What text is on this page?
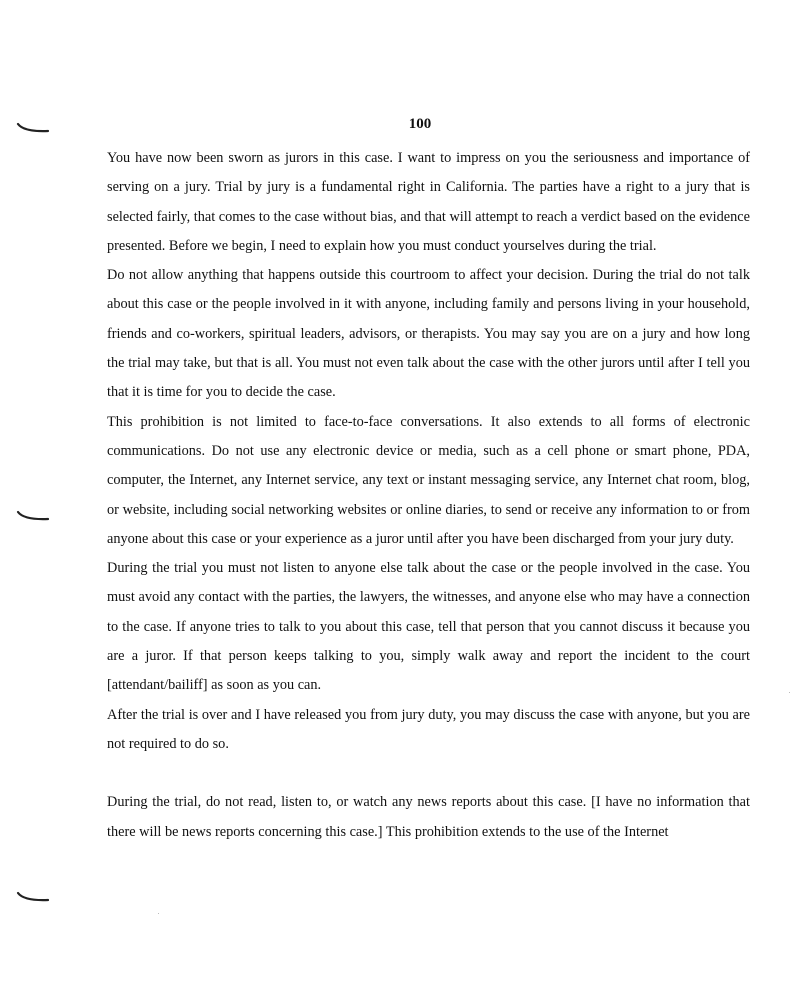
100

You have now been sworn as jurors in this case. I want to impress on you the seriousness and importance of serving on a jury. Trial by jury is a fundamental right in California. The parties have a right to a jury that is selected fairly, that comes to the case without bias, and that will attempt to reach a verdict based on the evidence presented. Before we begin, I need to explain how you must conduct yourselves during the trial.

Do not allow anything that happens outside this courtroom to affect your decision. During the trial do not talk about this case or the people involved in it with anyone, including family and persons living in your household, friends and co-workers, spiritual leaders, advisors, or therapists. You may say you are on a jury and how long the trial may take, but that is all. You must not even talk about the case with the other jurors until after I tell you that it is time for you to decide the case.

This prohibition is not limited to face-to-face conversations. It also extends to all forms of electronic communications. Do not use any electronic device or media, such as a cell phone or smart phone, PDA, computer, the Internet, any Internet service, any text or instant messaging service, any Internet chat room, blog, or website, including social networking websites or online diaries, to send or receive any information to or from anyone about this case or your experience as a juror until after you have been discharged from your jury duty.

During the trial you must not listen to anyone else talk about the case or the people involved in the case. You must avoid any contact with the parties, the lawyers, the witnesses, and anyone else who may have a connection to the case. If anyone tries to talk to you about this case, tell that person that you cannot discuss it because you are a juror. If that person keeps talking to you, simply walk away and report the incident to the court [attendant/bailiff] as soon as you can.

After the trial is over and I have released you from jury duty, you may discuss the case with anyone, but you are not required to do so.

During the trial, do not read, listen to, or watch any news reports about this case. [I have no information that there will be news reports concerning this case.] This prohibition extends to the use of the Internet
